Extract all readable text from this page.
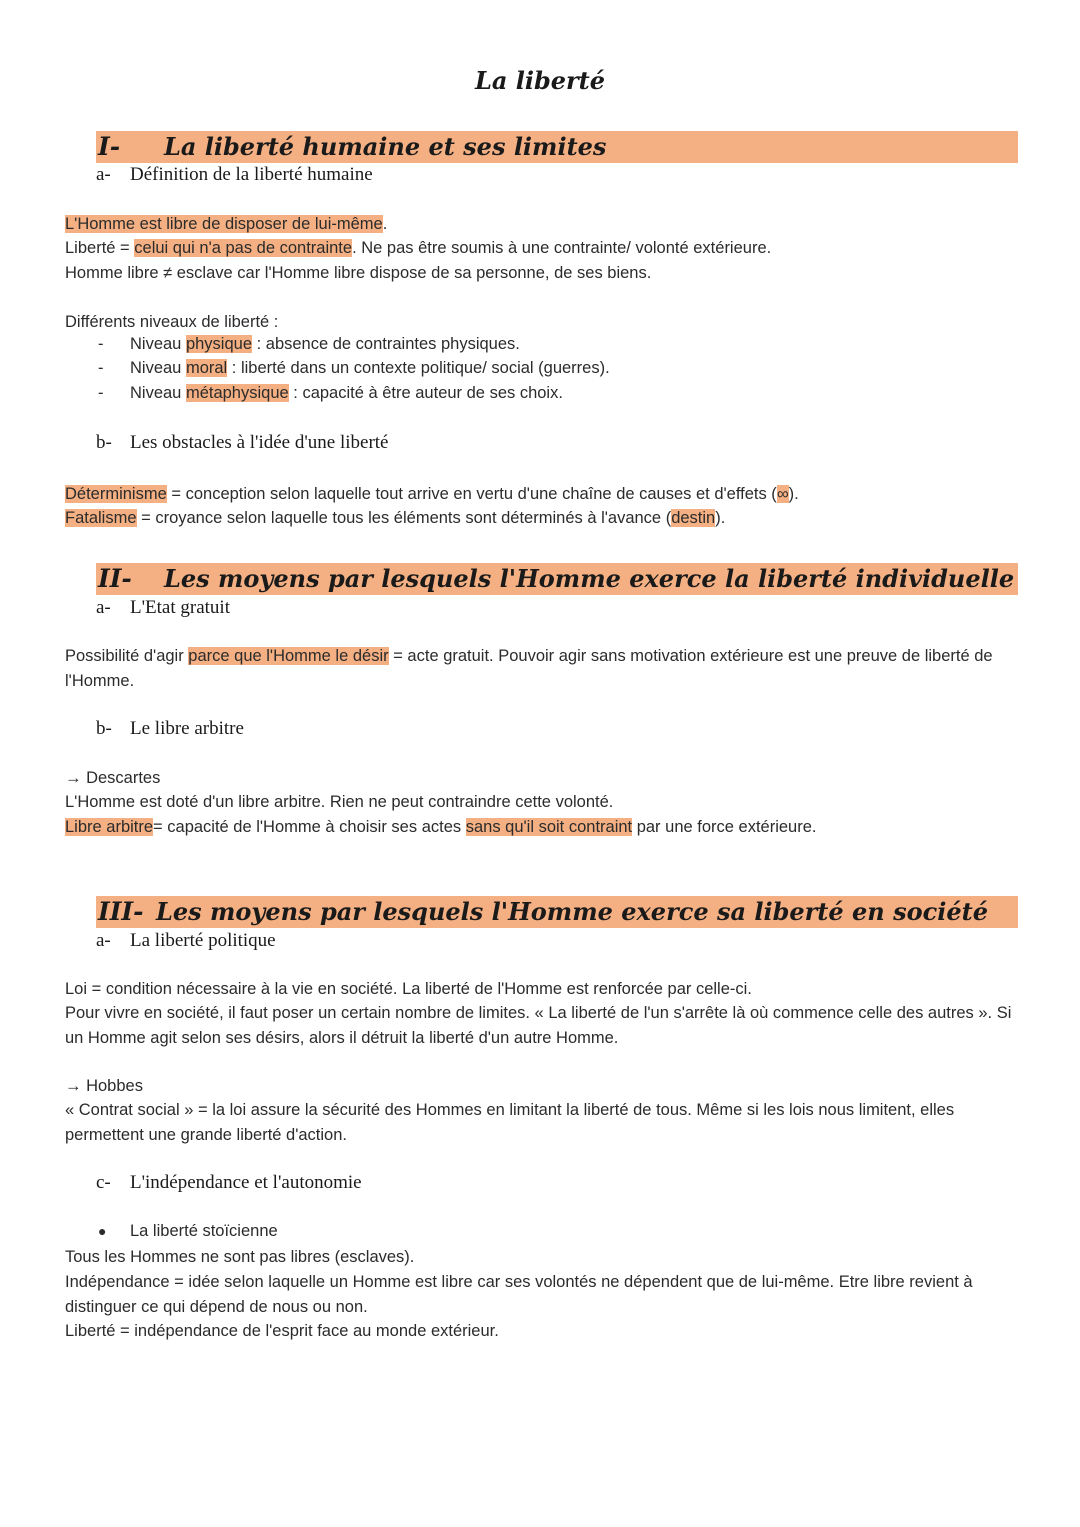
La liberté
I- La liberté humaine et ses limites
a- Définition de la liberté humaine
L'Homme est libre de disposer de lui-même.
Liberté = celui qui n'a pas de contrainte. Ne pas être soumis à une contrainte/ volonté extérieure.
Homme libre ≠ esclave car l'Homme libre dispose de sa personne, de ses biens.
Différents niveaux de liberté :
- Niveau physique : absence de contraintes physiques.
- Niveau moral : liberté dans un contexte politique/ social (guerres).
- Niveau métaphysique : capacité à être auteur de ses choix.
b- Les obstacles à l'idée d'une liberté
Déterminisme = conception selon laquelle tout arrive en vertu d'une chaîne de causes et d'effets (∞).
Fatalisme = croyance selon laquelle tous les éléments sont déterminés à l'avance (destin).
II- Les moyens par lesquels l'Homme exerce la liberté individuelle
a- L'Etat gratuit
Possibilité d'agir parce que l'Homme le désir = acte gratuit. Pouvoir agir sans motivation extérieure est une preuve de liberté de l'Homme.
b- Le libre arbitre
→ Descartes
L'Homme est doté d'un libre arbitre. Rien ne peut contraindre cette volonté.
Libre arbitre= capacité de l'Homme à choisir ses actes sans qu'il soit contraint par une force extérieure.
III- Les moyens par lesquels l'Homme exerce sa liberté en société
a- La liberté politique
Loi = condition nécessaire à la vie en société. La liberté de l'Homme est renforcée par celle-ci.
Pour vivre en société, il faut poser un certain nombre de limites. « La liberté de l'un s'arrête là où commence celle des autres ». Si un Homme agit selon ses désirs, alors il détruit la liberté d'un autre Homme.
→ Hobbes
« Contrat social » = la loi assure la sécurité des Hommes en limitant la liberté de tous. Même si les lois nous limitent, elles permettent une grande liberté d'action.
c- L'indépendance et l'autonomie
● La liberté stoïcienne
Tous les Hommes ne sont pas libres (esclaves).
Indépendance = idée selon laquelle un Homme est libre car ses volontés ne dépendent que de lui-même. Etre libre revient à distinguer ce qui dépend de nous ou non.
Liberté = indépendance de l'esprit face au monde extérieur.
